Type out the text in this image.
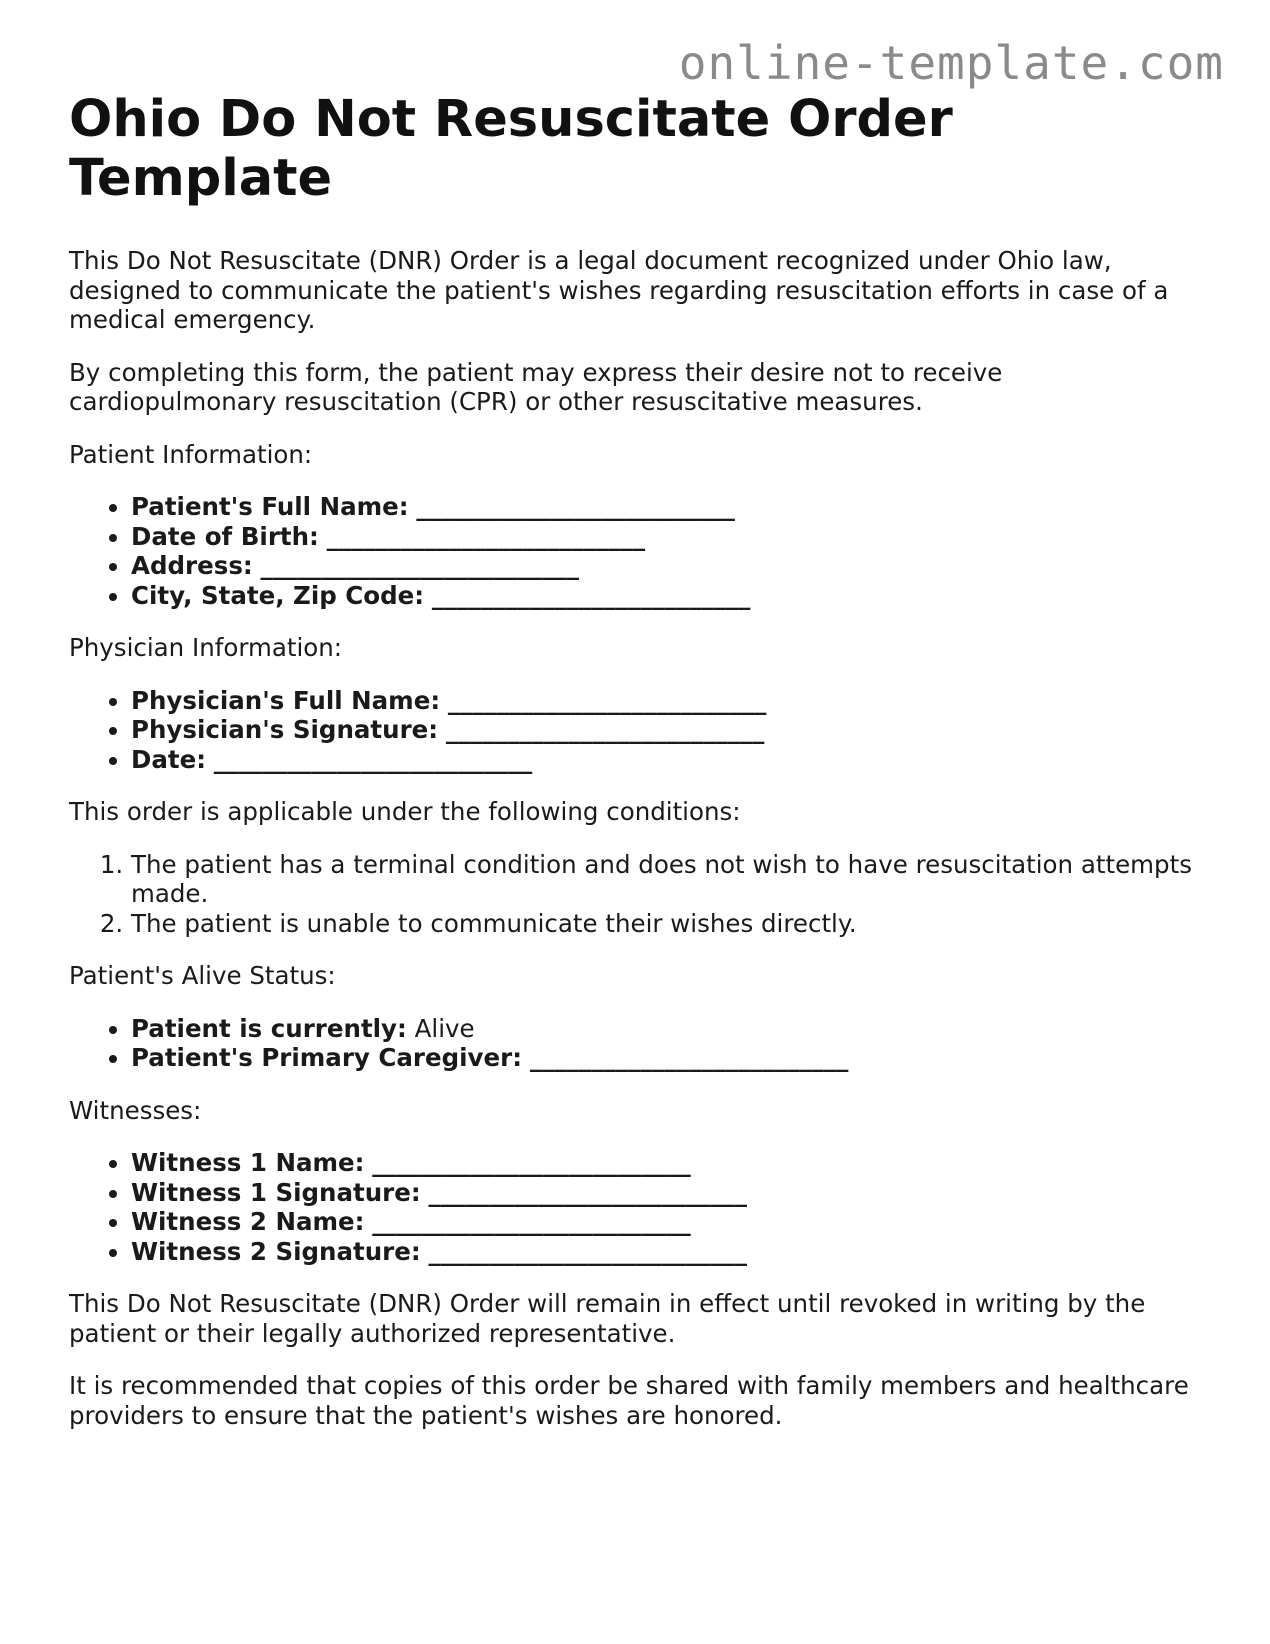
online-template.com
Ohio Do Not Resuscitate Order Template

This Do Not Resuscitate (DNR) Order is a legal document recognized under Ohio law, designed to communicate the patient's wishes regarding resuscitation efforts in case of a medical emergency.

By completing this form, the patient may express their desire not to receive cardiopulmonary resuscitation (CPR) or other resuscitative measures.

Patient Information:
• Patient's Full Name: __________________________
• Date of Birth: __________________________
• Address: __________________________
• City, State, Zip Code: __________________________
Physician Information:
• Physician's Full Name: __________________________
• Physician's Signature: __________________________
• Date: __________________________
This order is applicable under the following conditions:
1. The patient has a terminal condition and does not wish to have resuscitation attempts made.
2. The patient is unable to communicate their wishes directly.
Patient's Alive Status:
• Patient is currently: Alive
• Patient's Primary Caregiver: __________________________
Witnesses:
• Witness 1 Name: __________________________
• Witness 1 Signature: __________________________
• Witness 2 Name: __________________________
• Witness 2 Signature: __________________________

This Do Not Resuscitate (DNR) Order will remain in effect until revoked in writing by the patient or their legally authorized representative.

It is recommended that copies of this order be shared with family members and healthcare providers to ensure that the patient's wishes are honored.
